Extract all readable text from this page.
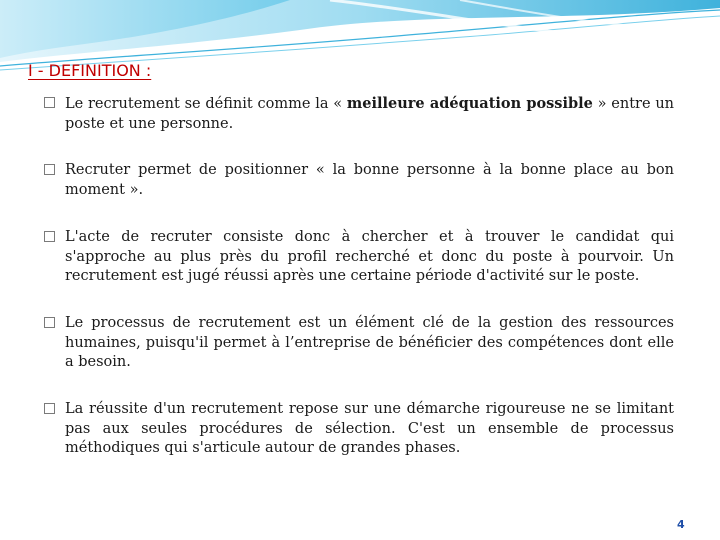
I - DEFINITION :
Le recrutement se définit comme la « meilleure adéquation possible » entre un poste et une personne.
Recruter permet de positionner « la bonne personne à la bonne place au bon moment ».
L'acte de recruter consiste donc à chercher et à trouver le candidat qui s'approche au plus près du profil recherché et donc du poste à pourvoir. Un recrutement est jugé réussi après une certaine période d'activité sur le poste.
Le processus de recrutement est un élément clé de la gestion des ressources humaines, puisqu'il permet à l’entreprise de bénéficier des compétences dont elle a besoin.
La réussite d'un recrutement repose sur une démarche rigoureuse ne se limitant pas aux seules procédures de sélection. C'est un ensemble de processus méthodiques qui s'articule autour de grandes phases.
4
